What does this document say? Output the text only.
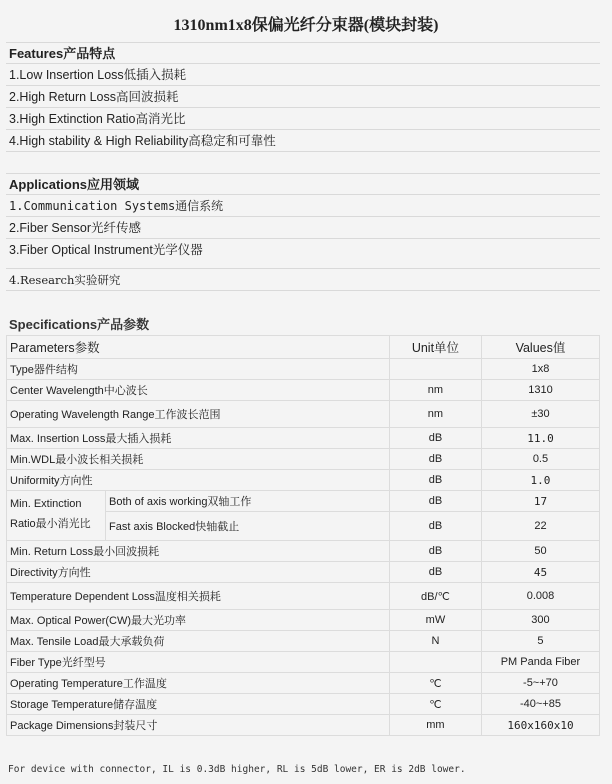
1310nm1x8保偏光纤分束器(模块封装)
Features产品特点
1.Low Insertion Loss低插入损耗
2.High Return Loss高回波损耗
3.High Extinction Ratio高消光比
4.High stability & High Reliability高稳定和可靠性
Applications应用领域
1.Communication Systems通信系统
2.Fiber Sensor光纤传感
3.Fiber Optical Instrument光学仪器
4.Research实验研究
Specifications产品参数
Parameters参数		Unit单位	Values值
Type器件结构			1x8
Center Wavelength中心波长		nm	1310
Operating Wavelength Range工作波长范围		nm	±30
Max. Insertion Loss最大插入损耗		dB	11.0
Min.WDL最小波长相关损耗		dB	0.5
Uniformity方向性		dB	1.0

Min. Extinction
Ratio最小消光比	Both of axis working双轴工作	dB	17
	Fast axis Blocked快轴截止	dB	22
Min. Return Loss最小回波损耗		dB	50
Directivity方向性		dB	45
Temperature Dependent Loss温度相关损耗		dB/℃	0.008
Max. Optical Power(CW)最大光功率		mW	300
Max. Tensile Load最大承载负荷		N	5
Fiber Type光纤型号			PM Panda Fiber
Operating Temperature工作温度		℃	-5~+70
Storage Temperature储存温度		℃	-40~+85
Package Dimensions封装尺寸		mm	160x160x10
For device with connector, IL is 0.3dB higher, RL is 5dB lower, ER is 2dB lower.
